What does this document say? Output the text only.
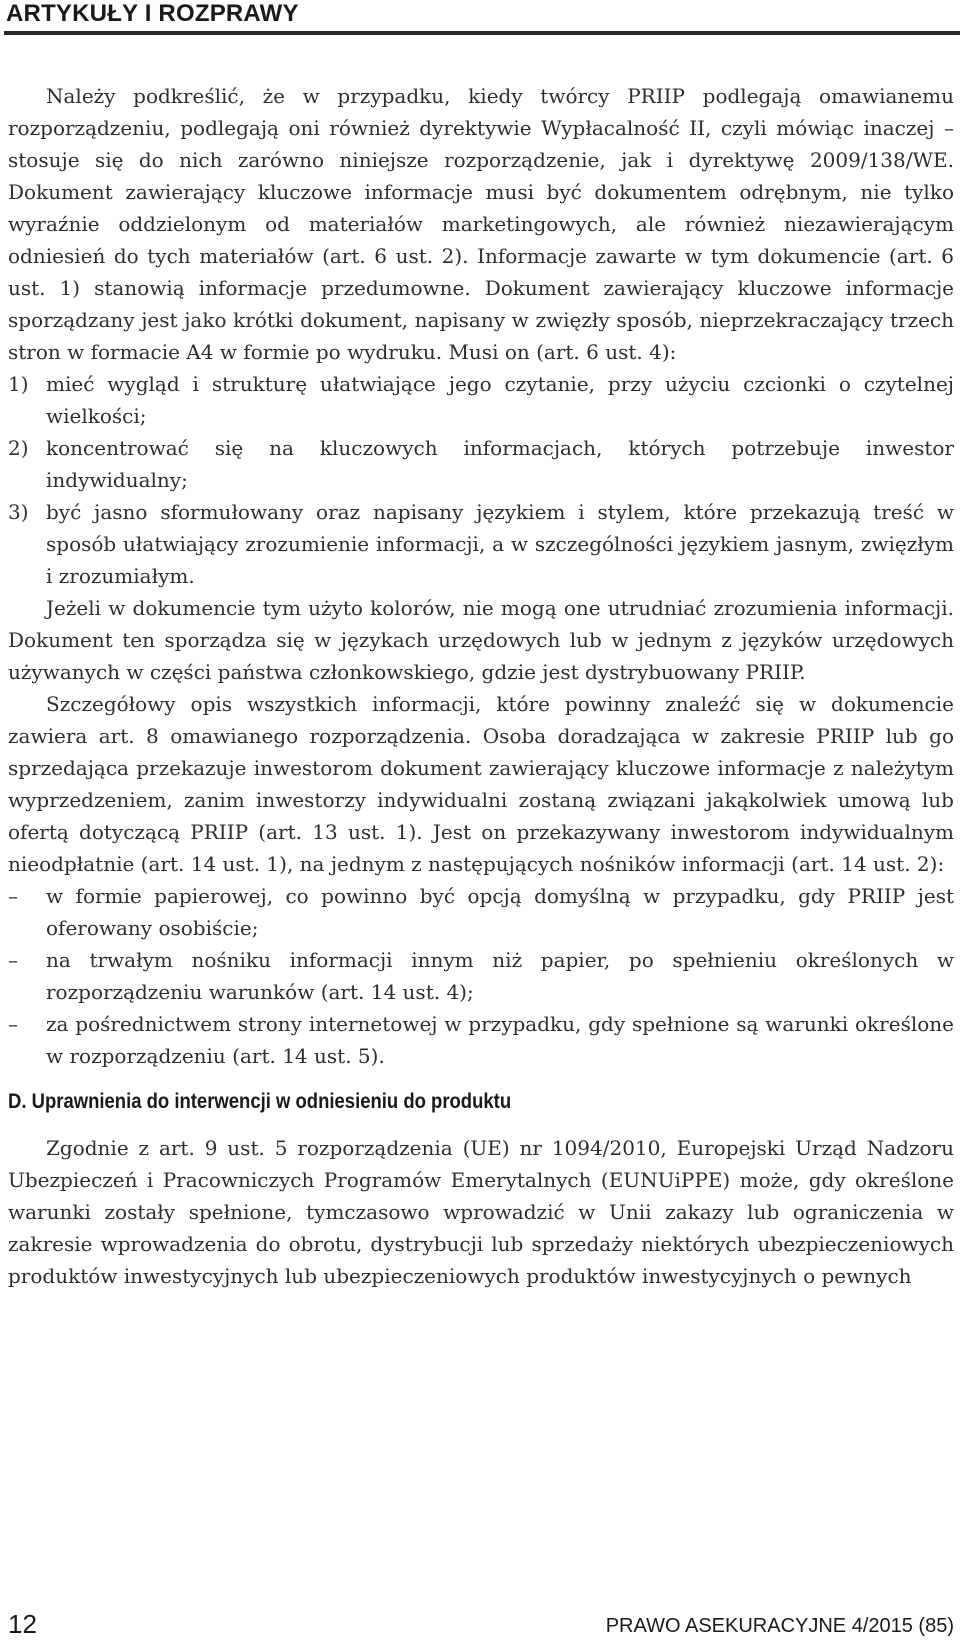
ARTYKUŁY I ROZPRAWY

Należy podkreślić, że w przypadku, kiedy twórcy PRIIP podlegają omawianemu rozporządzeniu, podlegają oni również dyrektywie Wypłacalność II, czyli mówiąc inaczej – stosuje się do nich zarówno niniejsze rozporządzenie, jak i dyrektywę 2009/138/WE. Dokument zawierający kluczowe informacje musi być dokumentem odrębnym, nie tylko wyraźnie oddzielonym od materiałów marketingowych, ale również niezawierającym odniesień do tych materiałów (art. 6 ust. 2). Informacje zawarte w tym dokumencie (art. 6 ust. 1) stanowią informacje przedumowne. Dokument zawierający kluczowe informacje sporządzany jest jako krótki dokument, napisany w zwięzły sposób, nieprzekraczający trzech stron w formacie A4 w formie po wydruku. Musi on (art. 6 ust. 4):

1) mieć wygląd i strukturę ułatwiające jego czytanie, przy użyciu czcionki o czytelnej wielkości;
2) koncentrować się na kluczowych informacjach, których potrzebuje inwestor indywidualny;
3) być jasno sformułowany oraz napisany językiem i stylem, które przekazują treść w sposób ułatwiający zrozumienie informacji, a w szczególności językiem jasnym, zwięzłym i zrozumiałym.

Jeżeli w dokumencie tym użyto kolorów, nie mogą one utrudniać zrozumienia informacji. Dokument ten sporządza się w językach urzędowych lub w jednym z języków urzędowych używanych w części państwa członkowskiego, gdzie jest dystrybuowany PRIIP.

Szczegółowy opis wszystkich informacji, które powinny znaleźć się w dokumencie zawiera art. 8 omawianego rozporządzenia. Osoba doradzająca w zakresie PRIIP lub go sprzedająca przekazuje inwestorom dokument zawierający kluczowe informacje z należytym wyprzedzeniem, zanim inwestorzy indywidualni zostaną związani jakąkolwiek umową lub ofertą dotyczącą PRIIP (art. 13 ust. 1). Jest on przekazywany inwestorom indywidualnym nieodpłatnie (art. 14 ust. 1), na jednym z następujących nośników informacji (art. 14 ust. 2):

–	w formie papierowej, co powinno być opcją domyślną w przypadku, gdy PRIIP jest oferowany osobiście;
–	na trwałym nośniku informacji innym niż papier, po spełnieniu określonych w rozporządzeniu warunków (art. 14 ust. 4);
–	za pośrednictwem strony internetowej w przypadku, gdy spełnione są warunki określone w rozporządzeniu (art. 14 ust. 5).
D. Uprawnienia do interwencji w odniesieniu do produktu

Zgodnie z art. 9 ust. 5 rozporządzenia (UE) nr 1094/2010, Europejski Urząd Nadzoru Ubezpieczeń i Pracowniczych Programów Emerytalnych (EUNUiPPE) może, gdy określone warunki zostały spełnione, tymczasowo wprowadzić w Unii zakazy lub ograniczenia w zakresie wprowadzenia do obrotu, dystrybucji lub sprzedaży niektórych ubezpieczeniowych produktów inwestycyjnych lub ubezpieczeniowych produktów inwestycyjnych o pewnych

12	PRAWO ASEKURACYJNE 4/2015 (85)
